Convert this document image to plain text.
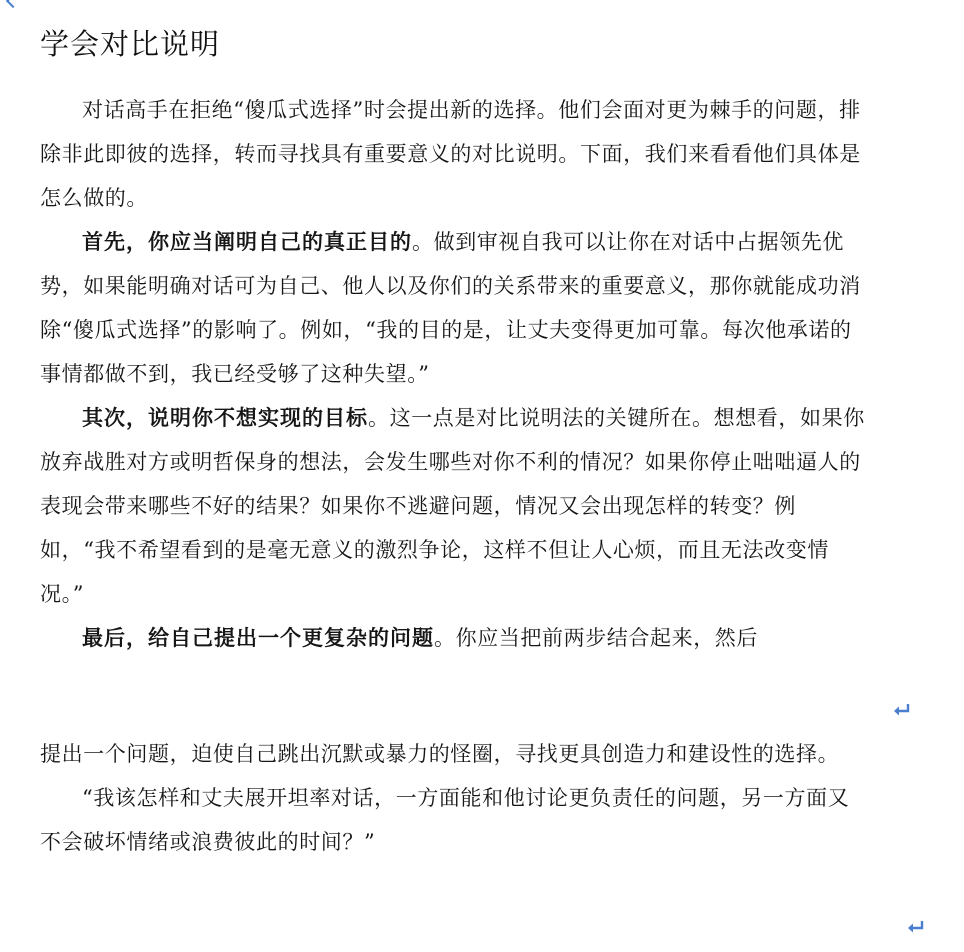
学会对比说明

对话高手在拒绝“傻瓜式选择”时会提出新的选择。他们会面对更为棘手的问题，排除非此即彼的选择，转而寻找具有重要意义的对比说明。下面，我们来看看他们具体是怎么做的。

首先，你应当阐明自己的真正目的。做到审视自我可以让你在对话中占据领先优势，如果能明确对话可为自己、他人以及你们的关系带来的重要意义，那你就能成功消除“傻瓜式选择”的影响了。例如，“我的目的是，让丈夫变得更加可靠。每次他承诺的事情都做不到，我已经受够了这种失望。”

其次，说明你不想实现的目标。这一点是对比说明法的关键所在。想想看，如果你放弃战胜对方或明哲保身的想法，会发生哪些对你不利的情况？如果你停止咄咄逼人的表现会带来哪些不好的结果？如果你不逃避问题，情况又会出现怎样的转变？例如，“我不希望看到的是毫无意义的激烈争论，这样不但让人心烦，而且无法改变情况。”

最后，给自己提出一个更复杂的问题。你应当把前两步结合起来，然后

提出一个问题，迫使自己跳出沉默或暴力的怪圈，寻找更具创造力和建设性的选择。

“我该怎样和丈夫展开坦率对话，一方面能和他讨论更负责任的问题，另一方面又不会破坏情绪或浪费彼此的时间？”
